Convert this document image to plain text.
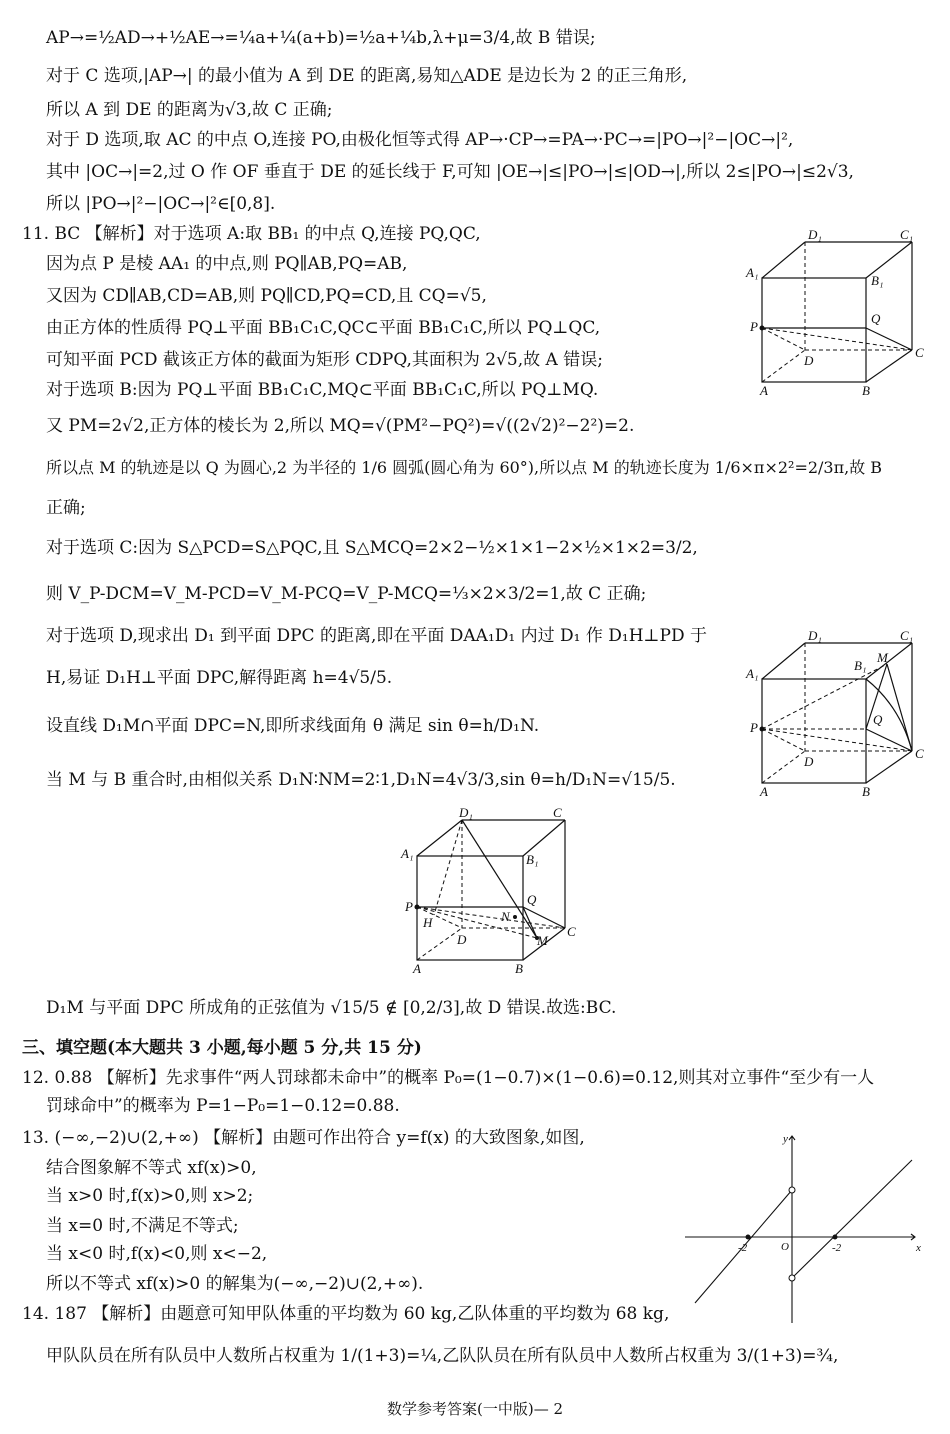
AP→=½AD→+½AE→=¼a+¼(a+b)=½a+¼b,λ+μ=3/4,故 B 错误;
对于 C 选项,|AP→| 的最小值为 A 到 DE 的距离,易知△ADE 是边长为 2 的正三角形,
所以 A 到 DE 的距离为√3,故 C 正确;
对于 D 选项,取 AC 的中点 O,连接 PO,由极化恒等式得 AP→·CP→=PA→·PC→=|PO→|²−|OC→|²,
其中 |OC→|=2,过 O 作 OF 垂直于 DE 的延长线于 F,可知 |OE→|≤|PO→|≤|OD→|,所以 2≤|PO→|≤2√3,
所以 |PO→|²−|OC→|²∈[0,8].
11. BC 【解析】对于选项 A:取 BB₁ 的中点 Q,连接 PQ,QC,
因为点 P 是棱 AA₁ 的中点,则 PQ∥AB,PQ=AB,
又因为 CD∥AB,CD=AB,则 PQ∥CD,PQ=CD,且 CQ=√5,
由正方体的性质得 PQ⊥平面 BB₁C₁C,QC⊂平面 BB₁C₁C,所以 PQ⊥QC,
可知平面 PCD 截该正方体的截面为矩形 CDPQ,其面积为 2√5,故 A 错误;
对于选项 B:因为 PQ⊥平面 BB₁C₁C,MQ⊂平面 BB₁C₁C,所以 PQ⊥MQ.
又 PM=2√2,正方体的棱长为 2,所以 MQ=√(PM²−PQ²)=√((2√2)²−2²)=2.
所以点 M 的轨迹是以 Q 为圆心,2 为半径的 1/6 圆弧(圆心角为 60°),所以点 M 的轨迹长度为 1/6×π×2²=2/3π,故 B
正确;
对于选项 C:因为 S△PCD=S△PQC,且 S△MCQ=2×2−½×1×1−2×½×1×2=3/2,
则 V_P-DCM=V_M-PCD=V_M-PCQ=V_P-MCQ=⅓×2×3/2=1,故 C 正确;
对于选项 D,现求出 D₁ 到平面 DPC 的距离,即在平面 DAA₁D₁ 内过 D₁ 作 D₁H⊥PD 于
H,易证 D₁H⊥平面 DPC,解得距离 h=4√5/5.
设直线 D₁M∩平面 DPC=N,即所求线面角 θ 满足 sin θ=h/D₁N.
当 M 与 B 重合时,由相似关系 D₁N∶NM=2∶1,D₁N=4√3/3,sin θ=h/D₁N=√15/5.
D₁M 与平面 DPC 所成角的正弦值为 √15/5 ∉ [0,2/3],故 D 错误.故选:BC.
三、填空题(本大题共 3 小题,每小题 5 分,共 15 分)
12. 0.88 【解析】先求事件“两人罚球都未命中”的概率 P₀=(1−0.7)×(1−0.6)=0.12,则其对立事件“至少有一人
罚球命中”的概率为 P=1−P₀=1−0.12=0.88.
13. (−∞,−2)∪(2,+∞) 【解析】由题可作出符合 y=f(x) 的大致图象,如图,
结合图象解不等式 xf(x)>0,
当 x>0 时,f(x)>0,则 x>2;
当 x=0 时,不满足不等式;
当 x<0 时,f(x)<0,则 x<−2,
所以不等式 xf(x)>0 的解集为(−∞,−2)∪(2,+∞).
14. 187 【解析】由题意可知甲队体重的平均数为 60 kg,乙队体重的平均数为 68 kg,
甲队队员在所有队员中人数所占权重为 1/(1+3)=¼,乙队队员在所有队员中人数所占权重为 3/(1+3)=¾,
D₁	C₁
A₁
B₁
P
Q
D
C
A	B
D₁	C₁
A₁
B₁
M
P
Q
D
C
A	B
D₁	C
A₁	B₁
P	Q
N
H
D	M
C
A	B
y
O	x
-2	-2
数学参考答案(一中版)— 2
